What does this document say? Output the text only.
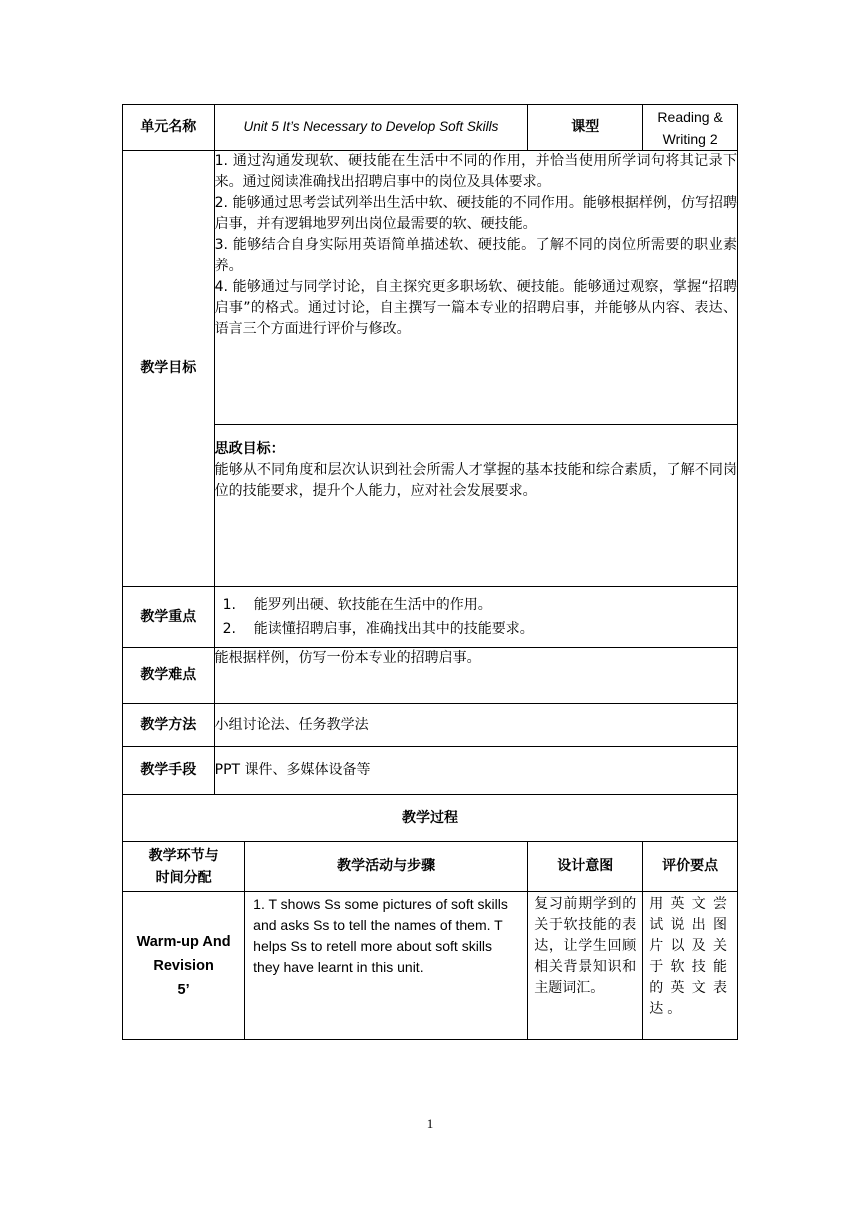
单元名称	Unit 5 It’s Necessary to Develop Soft Skills		课型	Reading &
Writing 2

教学目标	1. 通过沟通发现软、硬技能在生活中不同的作用，并恰当使用所学词句将其记录下来。通过阅读准确找出招聘启事中的岗位及具体要求。
2. 能够通过思考尝试列举出生活中软、硬技能的不同作用。能够根据样例，仿写招聘启事，并有逻辑地罗列出岗位最需要的软、硬技能。
3. 能够结合自身实际用英语简单描述软、硬技能。了解不同的岗位所需要的职业素养。
4. 能够通过与同学讨论，自主探究更多职场软、硬技能。能够通过观察，掌握“招聘启事”的格式。通过讨论，自主撰写一篇本专业的招聘启事，并能够从内容、表达、语言三个方面进行评价与修改。			

	思政目标：
能够从不同角度和层次认识到社会所需人才掌握的基本技能和综合素质，了解不同岗位的技能要求，提升个人能力，应对社会发展要求。			

教学重点	1.    能罗列出硬、软技能在生活中的作用。
2.    能读懂招聘启事，准确找出其中的技能要求。			

教学难点	能根据样例，仿写一份本专业的招聘启事。			
教学方法	小组讨论法、任务教学法			
教学手段	PPT 课件、多媒体设备等			
教学过程				

教学环节与
时间分配		教学活动与步骤	设计意图	评价要点

Warm-up And
Revision
5’		1. T shows Ss some pictures of soft skills and asks Ss to tell the names of them. T helps Ss to retell more about soft skills they have learnt in this unit.	复习前期学到的关于软技能的表达，让学生回顾相关背景知识和主题词汇。	用英文尝试说出图片以及关于软技能的英文表达。
1
